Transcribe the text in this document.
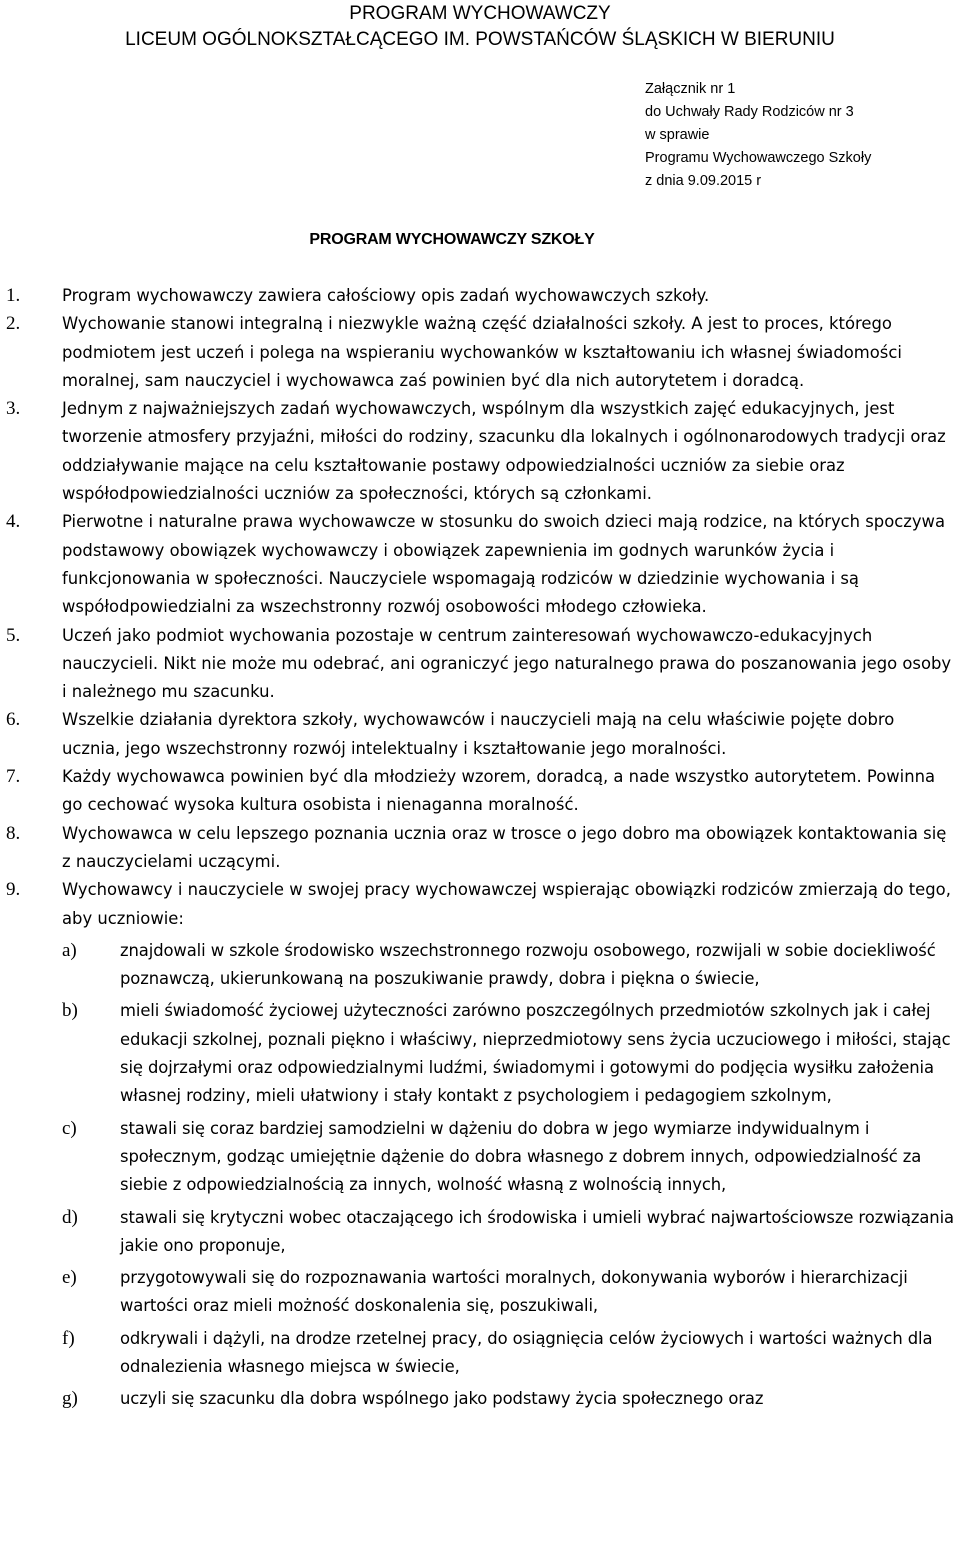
PROGRAM WYCHOWAWCZY
LICEUM OGÓLNOKSZTAŁCĄCEGO IM. POWSTAŃCÓW ŚLĄSKICH W BIERUNIU
Załącznik nr 1
do Uchwały Rady Rodziców nr 3
w sprawie
Programu Wychowawczego Szkoły
z dnia 9.09.2015 r
PROGRAM WYCHOWAWCZY SZKOŁY
1.	Program wychowawczy zawiera całościowy opis zadań wychowawczych szkoły.
2.	Wychowanie stanowi integralną i niezwykle ważną część działalności szkoły. A jest to proces, którego podmiotem jest uczeń i polega na wspieraniu wychowanków w kształtowaniu ich własnej świadomości moralnej, sam nauczyciel i wychowawca zaś powinien być dla nich autorytetem i doradcą.
3.	Jednym z najważniejszych zadań wychowawczych, wspólnym dla wszystkich zajęć edukacyjnych, jest tworzenie atmosfery przyjaźni, miłości do rodziny, szacunku dla lokalnych i ogólnonarodowych tradycji oraz oddziaływanie mające na celu kształtowanie postawy odpowiedzialności uczniów za siebie oraz współodpowiedzialności uczniów za społeczności, których są członkami.
4.	Pierwotne i naturalne prawa wychowawcze w stosunku do swoich dzieci mają rodzice, na których spoczywa podstawowy obowiązek wychowawczy i obowiązek zapewnienia im godnych warunków życia i funkcjonowania w społeczności. Nauczyciele wspomagają rodziców w dziedzinie wychowania i są współodpowiedzialni za wszechstronny rozwój osobowości młodego człowieka.
5.	Uczeń jako podmiot wychowania pozostaje w centrum zainteresowań wychowawczo-edukacyjnych nauczycieli. Nikt nie może mu odebrać, ani ograniczyć jego naturalnego prawa do poszanowania jego osoby i należnego mu szacunku.
6.	Wszelkie działania dyrektora szkoły, wychowawców i nauczycieli mają na celu właściwie pojęte dobro ucznia, jego wszechstronny rozwój intelektualny i kształtowanie jego moralności.
7.	Każdy wychowawca powinien być dla młodzieży wzorem, doradcą, a nade wszystko autorytetem. Powinna go cechować wysoka kultura osobista i nienaganna moralność.
8.	Wychowawca w celu lepszego poznania ucznia oraz w trosce o jego dobro ma obowiązek kontaktowania się z nauczycielami uczącymi.
9.	Wychowawcy i nauczyciele w swojej pracy wychowawczej wspierając obowiązki rodziców zmierzają do tego, aby uczniowie:
a)	znajdowali w szkole środowisko wszechstronnego rozwoju osobowego, rozwijali w sobie dociekliwość poznawczą, ukierunkowaną na poszukiwanie prawdy, dobra i piękna o świecie,
b)	mieli świadomość życiowej użyteczności zarówno poszczególnych przedmiotów szkolnych jak i całej edukacji szkolnej, poznali piękno i właściwy, nieprzedmiotowy sens życia uczuciowego i miłości, stając się dojrzałymi oraz odpowiedzialnymi ludźmi, świadomymi i gotowymi do podjęcia wysiłku założenia własnej rodziny, mieli ułatwiony i stały kontakt z psychologiem i pedagogiem szkolnym,
c)	stawali się coraz bardziej samodzielni w dążeniu do dobra w jego wymiarze indywidualnym i społecznym, godząc umiejętnie dążenie do dobra własnego z dobrem innych, odpowiedzialność za siebie z odpowiedzialnością za innych, wolność własną z wolnością innych,
d)	stawali się krytyczni wobec otaczającego ich środowiska i umieli wybrać najwartościowsze rozwiązania jakie ono proponuje,
e)	przygotowywali się do rozpoznawania wartości moralnych, dokonywania wyborów i hierarchizacji wartości oraz mieli możność doskonalenia się, poszukiwali,
f)	odkrywali i dążyli, na drodze rzetelnej pracy, do osiągnięcia celów życiowych i wartości ważnych dla odnalezienia własnego miejsca w świecie,
g)	uczyli się szacunku dla dobra wspólnego jako podstawy życia społecznego oraz
